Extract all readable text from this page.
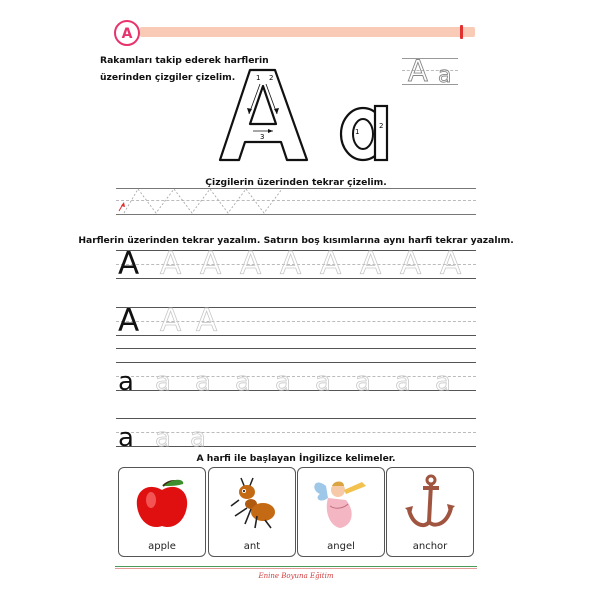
A
Rakamları takip ederek harflerin
üzerinden çizgiler çizelim.	1 2
3
1
2
A a
Çizgilerin üzerinden tekrar çizelim.
Harflerin üzerinden tekrar yazalım. Satırın boş kısımlarına aynı harfi tekrar yazalım.
A A A A A A A A A
A A A
a a a a a a a a a
a a a
A harfi ile başlayan İngilizce kelimeler.
apple	ant	angel	anchor
Enine Boyuna Eğitim
